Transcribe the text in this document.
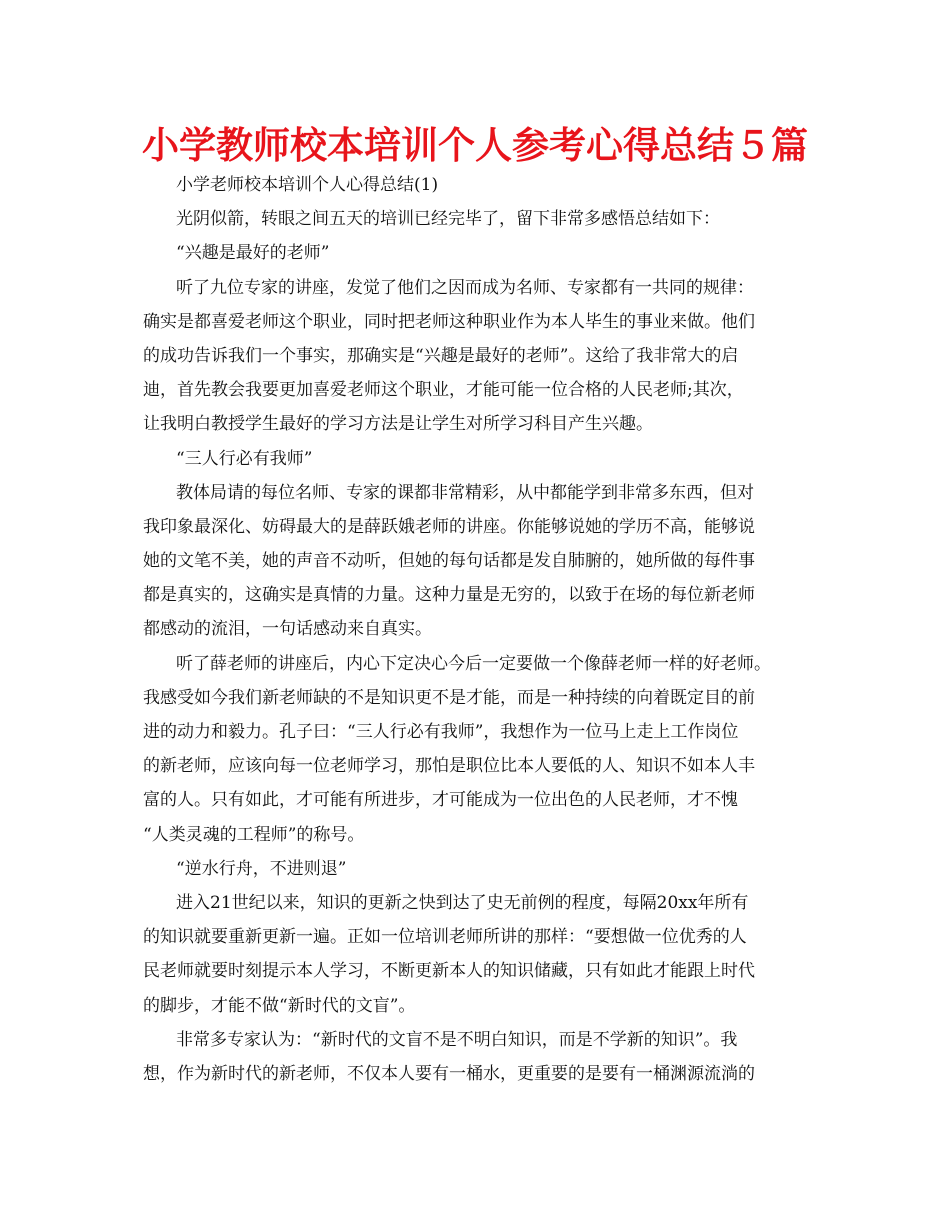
小学教师校本培训个人参考心得总结５篇
小学老师校本培训个人心得总结(1)
光阴似箭，转眼之间五天的培训已经完毕了，留下非常多感悟总结如下：
“兴趣是最好的老师”
听了九位专家的讲座，发觉了他们之因而成为名师、专家都有一共同的规律：
确实是都喜爱老师这个职业，同时把老师这种职业作为本人毕生的事业来做。他们
的成功告诉我们一个事实，那确实是“兴趣是最好的老师”。这给了我非常大的启
迪，首先教会我要更加喜爱老师这个职业，才能可能一位合格的人民老师;其次，
让我明白教授学生最好的学习方法是让学生对所学习科目产生兴趣。
“三人行必有我师”
教体局请的每位名师、专家的课都非常精彩，从中都能学到非常多东西，但对
我印象最深化、妨碍最大的是薛跃娥老师的讲座。你能够说她的学历不高，能够说
她的文笔不美，她的声音不动听，但她的每句话都是发自肺腑的，她所做的每件事
都是真实的，这确实是真情的力量。这种力量是无穷的，以致于在场的每位新老师
都感动的流泪，一句话感动来自真实。
听了薛老师的讲座后，内心下定决心今后一定要做一个像薛老师一样的好老师。
我感受如今我们新老师缺的不是知识更不是才能，而是一种持续的向着既定目的前
进的动力和毅力。孔子曰：“三人行必有我师”，我想作为一位马上走上工作岗位
的新老师，应该向每一位老师学习，那怕是职位比本人要低的人、知识不如本人丰
富的人。只有如此，才可能有所进步，才可能成为一位出色的人民老师，才不愧
“人类灵魂的工程师”的称号。
“逆水行舟，不进则退”
进入21世纪以来，知识的更新之快到达了史无前例的程度，每隔20xx年所有
的知识就要重新更新一遍。正如一位培训老师所讲的那样：“要想做一位优秀的人
民老师就要时刻提示本人学习，不断更新本人的知识储藏，只有如此才能跟上时代
的脚步，才能不做“新时代的文盲”。
非常多专家认为：“新时代的文盲不是不明白知识，而是不学新的知识”。我
想，作为新时代的新老师，不仅本人要有一桶水，更重要的是要有一桶渊源流淌的
